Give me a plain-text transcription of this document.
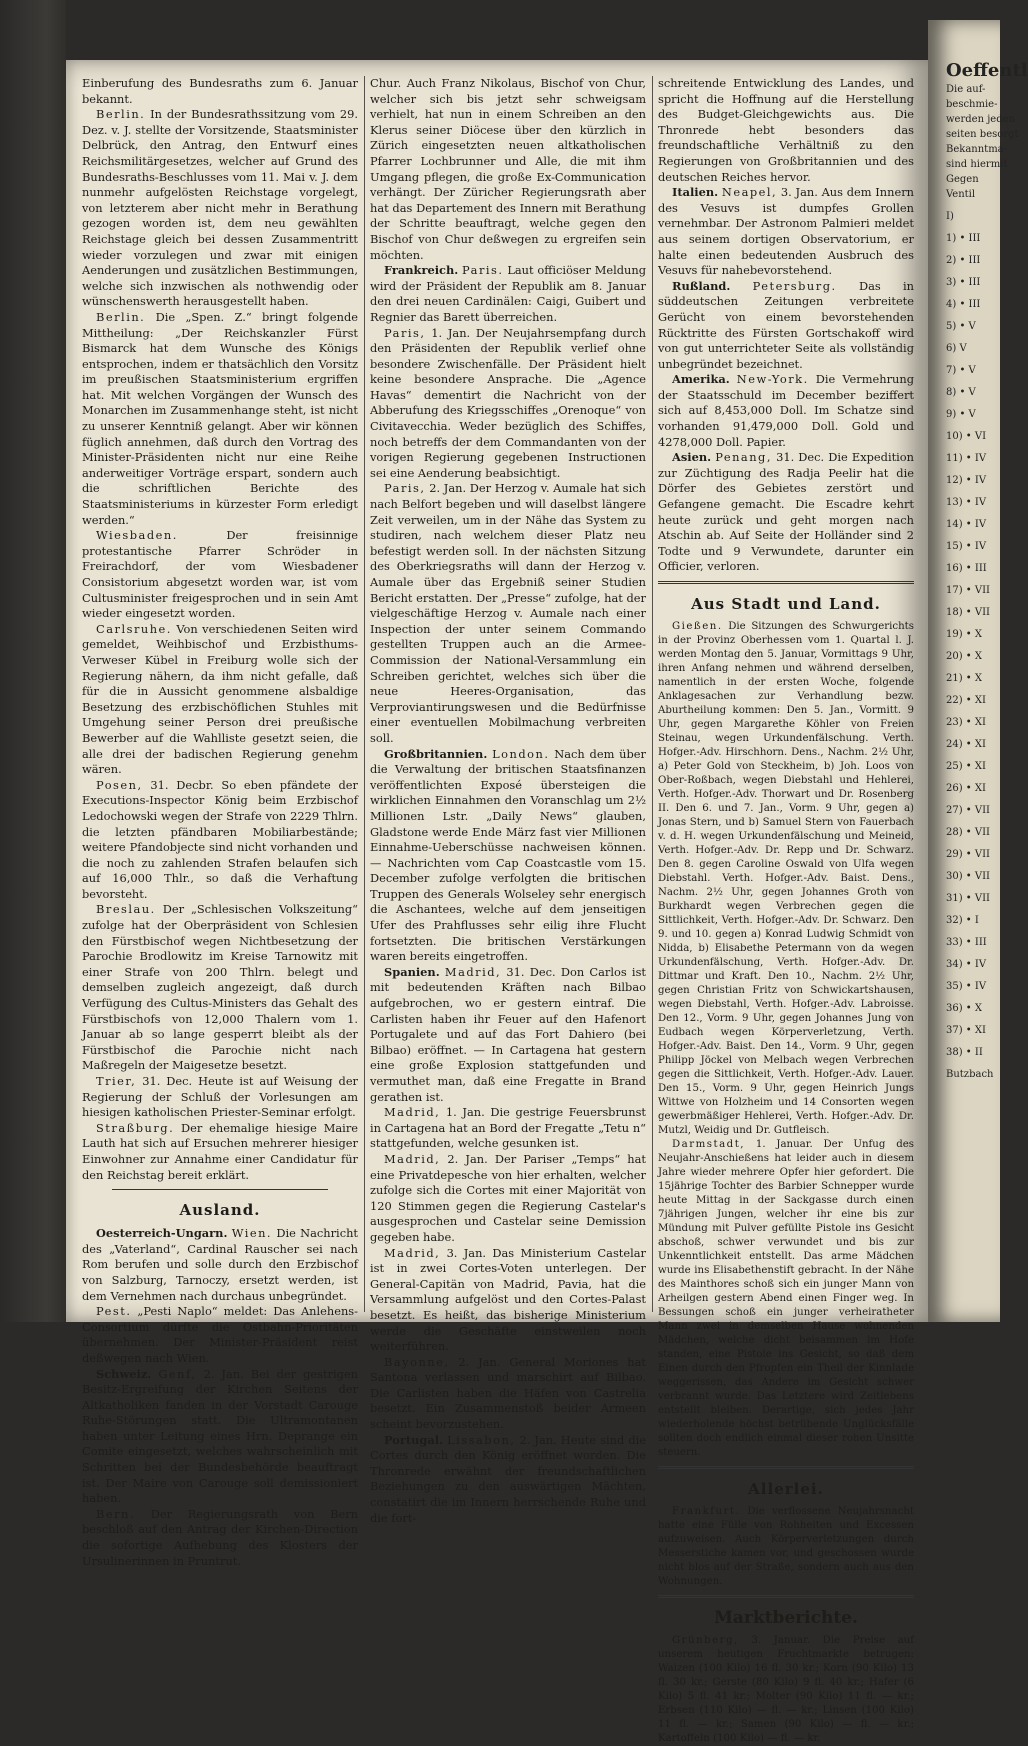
Einberufung des Bundesraths zum 6. Januar bekannt.

Berlin. In der Bundesrathssitzung vom 29. Dez. v. J. stellte der Vorsitzende, Staatsminister Delbrück, den Antrag, den Entwurf eines Reichsmilitärgesetzes, welcher auf Grund des Bundesraths-Beschlusses vom 11. Mai v. J. dem nunmehr aufgelösten Reichstage vorgelegt, von letzterem aber nicht mehr in Berathung gezogen worden ist, dem neu gewählten Reichstage gleich bei dessen Zusammentritt wieder vorzulegen und zwar mit einigen Aenderungen und zusätzlichen Bestimmungen, welche sich inzwischen als nothwendig oder wünschenswerth herausgestellt haben.

Berlin. Die „Spen. Z.“ bringt folgende Mittheilung: „Der Reichskanzler Fürst Bismarck hat dem Wunsche des Königs entsprochen, indem er thatsächlich den Vorsitz im preußischen Staatsministerium ergriffen hat. Mit welchen Vorgängen der Wunsch des Monarchen im Zusammenhange steht, ist nicht zu unserer Kenntniß gelangt. Aber wir können füglich annehmen, daß durch den Vortrag des Minister-Präsidenten nicht nur eine Reihe anderweitiger Vorträge erspart, sondern auch die schriftlichen Berichte des Staatsministeriums in kürzester Form erledigt werden.“

Wiesbaden.	Der freisinnige protestantische Pfarrer Schröder in Freirachdorf, der vom Wiesbadener Consistorium abgesetzt worden war, ist vom Cultusminister freigesprochen und in sein Amt wieder eingesetzt worden.

Carlsruhe. Von verschiedenen Seiten wird gemeldet, Weihbischof und Erzbisthums-Verweser Kübel in Freiburg wolle sich der Regierung nähern, da ihm nicht gefalle, daß für die in Aussicht genommene alsbaldige Besetzung des erzbischöflichen Stuhles mit Umgehung seiner Person drei preußische Bewerber auf die Wahlliste gesetzt seien, die alle drei der badischen Regierung genehm wären.

Posen, 31. Decbr. So eben pfändete der Executions-Inspector König beim Erzbischof Ledochowski wegen der Strafe von 2229 Thlrn. die letzten pfändbaren Mobiliarbestände; weitere Pfandobjecte sind nicht vorhanden und die noch zu zahlenden Strafen belaufen sich auf 16,000 Thlr., so daß die Verhaftung bevorsteht.

Breslau. Der „Schlesischen Volkszeitung“ zufolge hat der Oberpräsident von Schlesien den Fürstbischof wegen Nichtbesetzung der Parochie Brodlowitz im Kreise Tarnowitz mit einer Strafe von 200 Thlrn. belegt und demselben zugleich angezeigt, daß durch Verfügung des Cultus-Ministers das Gehalt des Fürstbischofs von 12,000 Thalern vom 1. Januar ab so lange gesperrt bleibt als der Fürstbischof die Parochie nicht nach Maßregeln der Maigesetze besetzt.

Trier, 31. Dec. Heute ist auf Weisung der Regierung der Schluß der Vorlesungen am hiesigen katholischen Priester-Seminar erfolgt.

Straßburg. Der ehemalige hiesige Maire Lauth hat sich auf Ersuchen mehrerer hiesiger Einwohner zur Annahme einer Candidatur für den Reichstag bereit erklärt.

Ausland.

Oesterreich-Ungarn. Wien. Die Nachricht des „Vaterland“, Cardinal Rauscher sei nach Rom berufen und solle durch den Erzbischof von Salzburg, Tarnoczy, ersetzt werden, ist dem Vernehmen nach durchaus unbegründet.

Pest. „Pesti Naplo“ meldet: Das Anlehens-Consortium dürfte die Ostbahn-Prioritäten übernehmen. Der Minister-Präsident reist deßwegen nach Wien.

Schweiz. Genf, 2. Jan. Bei der gestrigen Besitz-Ergreifung der Kirchen Seitens der Altkatholiken fanden in der Vorstadt Carouge Ruhe-Störungen statt. Die Ultramontanen haben unter Leitung eines Hrn. Deprange ein Comite eingesetzt, welches wahrscheinlich mit Schritten bei der Bundesbehörde beauftragt ist. Der Maire von Carouge soll demissioniert haben.

Bern. Der Regierungsrath von Bern beschloß auf den Antrag der Kirchen-Direction die sofortige Aufhebung des Klosters der Ursulinerinnen in Pruntrut.

Chur. Auch Franz Nikolaus, Bischof von Chur, welcher sich bis jetzt sehr schweigsam verhielt, hat nun in einem Schreiben an den Klerus seiner Diöcese über den kürzlich in Zürich eingesetzten neuen altkatholischen Pfarrer Lochbrunner und Alle, die mit ihm Umgang pflegen, die große Ex-Communication verhängt. Der Züricher Regierungsrath aber hat das Departement des Innern mit Berathung der Schritte beauftragt, welche gegen den Bischof von Chur deßwegen zu ergreifen sein möchten.

Frankreich. Paris. Laut officiöser Meldung wird der Präsident der Republik am 8. Januar den drei neuen Cardinälen: Caigi, Guibert und Regnier das Barett überreichen.

Paris, 1. Jan. Der Neujahrsempfang durch den Präsidenten der Republik verlief ohne besondere Zwischenfälle. Der Präsident hielt keine besondere Ansprache. Die „Agence Havas“ dementirt die Nachricht von der Abberufung des Kriegsschiffes „Orenoque“ von Civitavecchia. Weder bezüglich des Schiffes, noch betreffs der dem Commandanten von der vorigen Regierung gegebenen Instructionen sei eine Aenderung beabsichtigt.

Paris, 2. Jan. Der Herzog v. Aumale hat sich nach Belfort begeben und will daselbst längere Zeit verweilen, um in der Nähe das System zu studiren, nach welchem dieser Platz neu befestigt werden soll. In der nächsten Sitzung des Oberkriegsraths will dann der Herzog v. Aumale über das Ergebniß seiner Studien Bericht erstatten. Der „Presse“ zufolge, hat der vielgeschäftige Herzog v. Aumale nach einer Inspection der unter seinem Commando gestellten Truppen auch an die Armee-Commission der National-Versammlung ein Schreiben gerichtet, welches sich über die neue Heeres-Organisation, das Verproviantirungswesen und die Bedürfnisse einer eventuellen Mobilmachung verbreiten soll.

Großbritannien. London. Nach dem über die Verwaltung der britischen Staatsfinanzen veröffentlichten Exposé übersteigen die wirklichen Einnahmen den Voranschlag um 2½ Millionen Lstr. „Daily News“ glauben, Gladstone werde Ende März fast vier Millionen Einnahme-Ueberschüsse nachweisen können. — Nachrichten vom Cap Coastcastle vom 15. December zufolge verfolgten die britischen Truppen des Generals Wolseley sehr energisch die Aschantees, welche auf dem jenseitigen Ufer des Prahflusses sehr eilig ihre Flucht fortsetzten. Die britischen Verstärkungen waren bereits eingetroffen.

Spanien. Madrid, 31. Dec. Don Carlos ist mit bedeutenden Kräften nach Bilbao aufgebrochen, wo er gestern eintraf. Die Carlisten haben ihr Feuer auf den Hafenort Portugalete und auf das Fort Dahiero (bei Bilbao) eröffnet. — In Cartagena hat gestern eine große Explosion stattgefunden und vermuthet man, daß eine Fregatte in Brand gerathen ist.

Madrid, 1. Jan. Die gestrige Feuersbrunst in Cartagena hat an Bord der Fregatte „Tetu n“ stattgefunden, welche gesunken ist.

Madrid, 2. Jan. Der Pariser „Temps“ hat eine Privatdepesche von hier erhalten, welcher zufolge sich die Cortes mit einer Majorität von 120 Stimmen gegen die Regierung Castelar's ausgesprochen und Castelar seine Demission gegeben habe.

Madrid, 3. Jan. Das Ministerium Castelar ist in zwei Cortes-Voten unterlegen. Der General-Capitän von Madrid, Pavia, hat die Versammlung aufgelöst und den Cortes-Palast besetzt. Es heißt, das bisherige Ministerium werde die Geschäfte einstweilen noch weiterführen.

Bayonne, 2. Jan. General Moriones hat Santona verlassen und marschirt auf Bilbao. Die Carlisten haben die Häfen von Castrelia besetzt. Ein Zusammenstoß beider Armeen scheint bevorzustehen.

Portugal. Lissabon, 2. Jan. Heute sind die Cortes durch den König eröffnet worden. Die Thronrede erwähnt der freundschaftlichen Beziehungen zu den auswärtigen Mächten, constatirt die im Innern herrschende Ruhe und die fort-

schreitende Entwicklung des Landes, und spricht die Hoffnung auf die Herstellung des Budget-Gleichgewichts aus. Die Thronrede hebt besonders das freundschaftliche Verhältniß zu den Regierungen von Großbritannien und des deutschen Reiches hervor.

Italien. Neapel, 3. Jan. Aus dem Innern des Vesuvs ist dumpfes Grollen vernehmbar. Der Astronom Palmieri meldet aus seinem dortigen Observatorium, er halte einen bedeutenden Ausbruch des Vesuvs für nahebevorstehend.

Rußland. Petersburg. Das in süddeutschen Zeitungen verbreitete Gerücht von einem bevorstehenden Rücktritte des Fürsten Gortschakoff wird von gut unterrichteter Seite als vollständig unbegründet bezeichnet.

Amerika. New-York. Die Vermehrung der Staatsschuld im December beziffert sich auf 8,453,000 Doll. Im Schatze sind vorhanden 91,479,000 Doll. Gold und 4278,000 Doll. Papier.

Asien. Penang, 31. Dec. Die Expedition zur Züchtigung des Radja Peelir hat die Dörfer des Gebietes zerstört und Gefangene gemacht. Die Escadre kehrt heute zurück und geht morgen nach Atschin ab. Auf Seite der Holländer sind 2 Todte und 9 Verwundete, darunter ein Officier, verloren.

Aus Stadt und Land.

Gießen. Die Sitzungen des Schwurgerichts in der Provinz Oberhessen vom 1. Quartal l. J. werden Montag den 5. Januar, Vormittags 9 Uhr, ihren Anfang nehmen und während derselben, namentlich in der ersten Woche, folgende Anklagesachen zur Verhandlung bezw. Aburtheilung kommen: Den 5. Jan., Vormitt. 9 Uhr, gegen Margarethe Köhler von Freien Steinau, wegen Urkundenfälschung. Verth. Hofger.-Adv. Hirschhorn. Dens., Nachm. 2½ Uhr, a) Peter Gold von Steckheim, b) Joh. Loos von Ober-Roßbach, wegen Diebstahl und Hehlerei, Verth. Hofger.-Adv. Thorwart und Dr. Rosenberg II. Den 6. und 7. Jan., Vorm. 9 Uhr, gegen a) Jonas Stern, und b) Samuel Stern von Fauerbach v. d. H. wegen Urkundenfälschung und Meineid, Verth. Hofger.-Adv. Dr. Repp und Dr. Schwarz. Den 8. gegen Caroline Oswald von Ulfa wegen Diebstahl. Verth. Hofger.-Adv. Baist. Dens., Nachm. 2½ Uhr, gegen Johannes Groth von Burkhardt wegen Verbrechen gegen die Sittlichkeit, Verth. Hofger.-Adv. Dr. Schwarz. Den 9. und 10. gegen a) Konrad Ludwig Schmidt von Nidda, b) Elisabethe Petermann von da wegen Urkundenfälschung, Verth. Hofger.-Adv. Dr. Dittmar und Kraft. Den 10., Nachm. 2½ Uhr, gegen Christian Fritz von Schwickartshausen, wegen Diebstahl, Verth. Hofger.-Adv. Labroisse. Den 12., Vorm. 9 Uhr, gegen Johannes Jung von Eudbach wegen Körperverletzung, Verth. Hofger.-Adv. Baist. Den 14., Vorm. 9 Uhr, gegen Philipp Jöckel von Melbach wegen Verbrechen gegen die Sittlichkeit, Verth. Hofger.-Adv. Lauer. Den 15., Vorm. 9 Uhr, gegen Heinrich Jungs Wittwe von Holzheim und 14 Consorten wegen gewerbmäßiger Hehlerei, Verth. Hofger.-Adv. Dr. Mutzl, Weidig und Dr. Gutfleisch.

Darmstadt, 1. Januar. Der Unfug des Neujahr-Anschießens hat leider auch in diesem Jahre wieder mehrere Opfer hier gefordert. Die 15jährige Tochter des Barbier Schnepper wurde heute Mittag in der Sackgasse durch einen 7jährigen Jungen, welcher ihr eine bis zur Mündung mit Pulver gefüllte Pistole ins Gesicht abschoß, schwer verwundet und bis zur Unkenntlichkeit entstellt. Das arme Mädchen wurde ins Elisabethenstift gebracht. In der Nähe des Mainthores schoß sich ein junger Mann von Arheilgen gestern Abend einen Finger weg. In Bessungen schoß ein junger verheiratheter Mann zwei in demselben Hause wohnenden Mädchen, welche dicht beisammen im Hofe standen, eine Pistole ins Gesicht, so daß dem Einen durch den Pfropfen ein Theil der Kinnlade weggerissen, das Andere im Gesicht schwer verbrannt wurde. Das Letztere wird Zeitlebens entstellt bleiben. Derartige, sich jedes Jahr wiederholende höchst betrübende Unglücksfälle sollten doch endlich einmal dieser rohen Unsitte steuern.

Allerlei.

Frankfurt. Die verflossene Neujahrsnacht hatte eine Fülle von Rohheiten und Excessen aufzuweisen. Auch Körperverletzungen durch Messerstiche kamen vor, und geschossen wurde nicht blos auf der Straße, sondern auch aus den Wohnungen.

Marktberichte.

Grünberg, 3. Januar. Die Preise auf unserem heutigen Fruchtmarkte betrugen: Waizen (100 Kilo) 16 fl. 30 kr.; Korn (90 Kilo) 13 fl. 30 kr.; Gerste (80 Kilo) 9 fl. 40 kr.; Hafer (6 Kilo) 5 fl. 41 kr.; Molter (90 Kilo) 11 fl. — kr.; Erbsen (110 Kilo) — fl. — kr.; Linsen (100 Kilo) 11 fl. — kr.; Samen (90 Kilo) — fl. — kr.; Kartoffeln (100 Kilo) — fl. — kr.

Oeffentl
Die auf-
beschmie-
werden jeden
seiten besorgt
Bekanntma-
sind hiermit
Gegen
Ventil
I)
1) • III
2) • III
3) • III
4) • III
5) • V
6) V
7) • V
8) • V
9) • V
10) • VI
11) • IV
12) • IV
13) • IV
14) • IV
15) • IV
16) • III
17) • VII
18) • VII
19) • X
20) • X
21) • X
22) • XI
23) • XI
24) • XI
25) • XI
26) • XI
27) • VII
28) • VII
29) • VII
30) • VII
31) • VII
32) • I
33) • III
34) • IV
35) • IV
36) • X
37) • XI
38) • II
Butzbach
